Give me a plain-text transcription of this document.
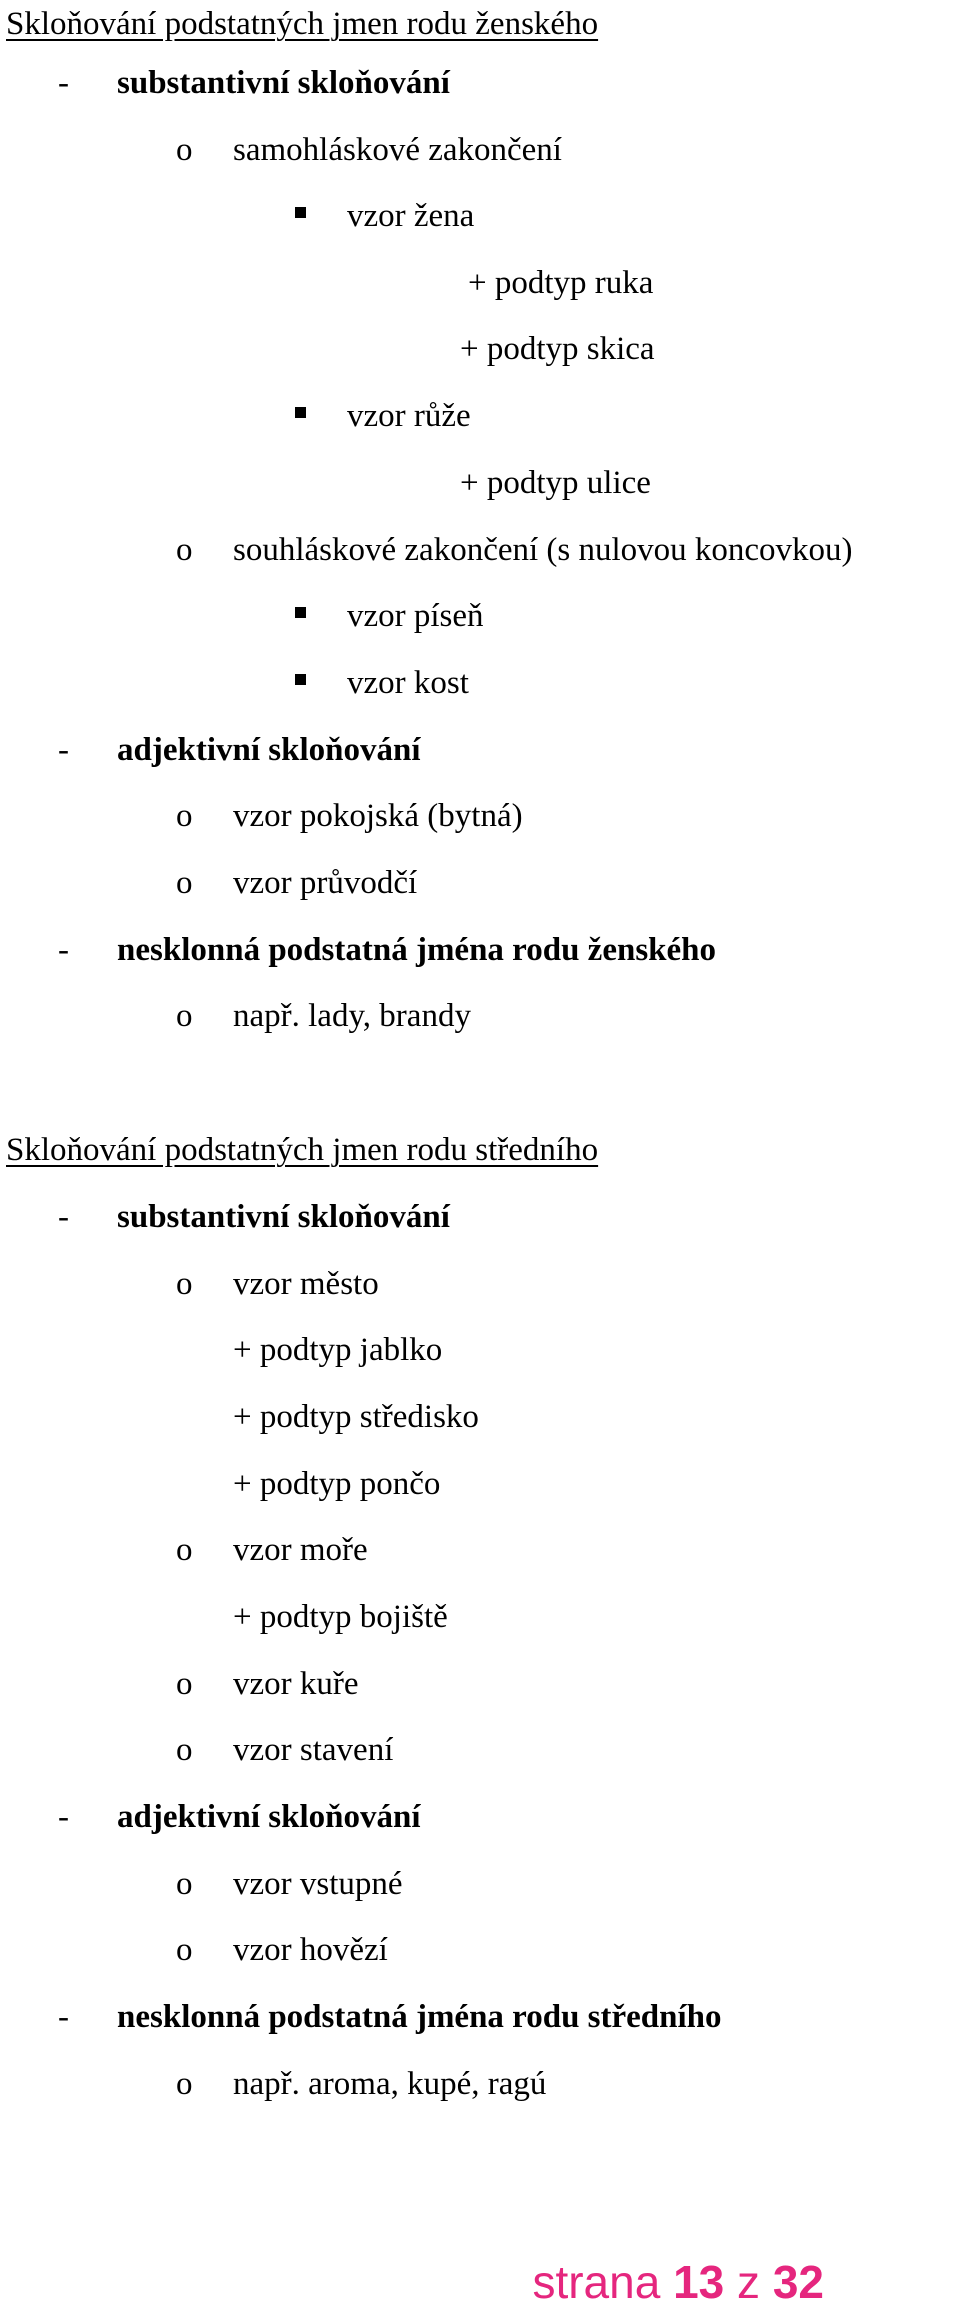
Skloňování podstatných jmen rodu ženského
- substantivní skloňování
o samohláskové zakončení
vzor žena
+ podtyp ruka
+ podtyp skica
vzor růže
+ podtyp ulice
o souhláskové zakončení (s nulovou koncovkou)
vzor píseň
vzor kost
- adjektivní skloňování
o vzor pokojská (bytná)
o vzor průvodčí
- nesklonná podstatná jména rodu ženského
o např. lady, brandy
Skloňování podstatných jmen rodu středního
- substantivní skloňování
o vzor město
+ podtyp jablko
+ podtyp středisko
+ podtyp pončo
o vzor moře
+ podtyp bojiště
o vzor kuře
o vzor stavení
- adjektivní skloňování
o vzor vstupné
o vzor hovězí
- nesklonná podstatná jména rodu středního
o např. aroma, kupé, ragú
strana 13 z 32
